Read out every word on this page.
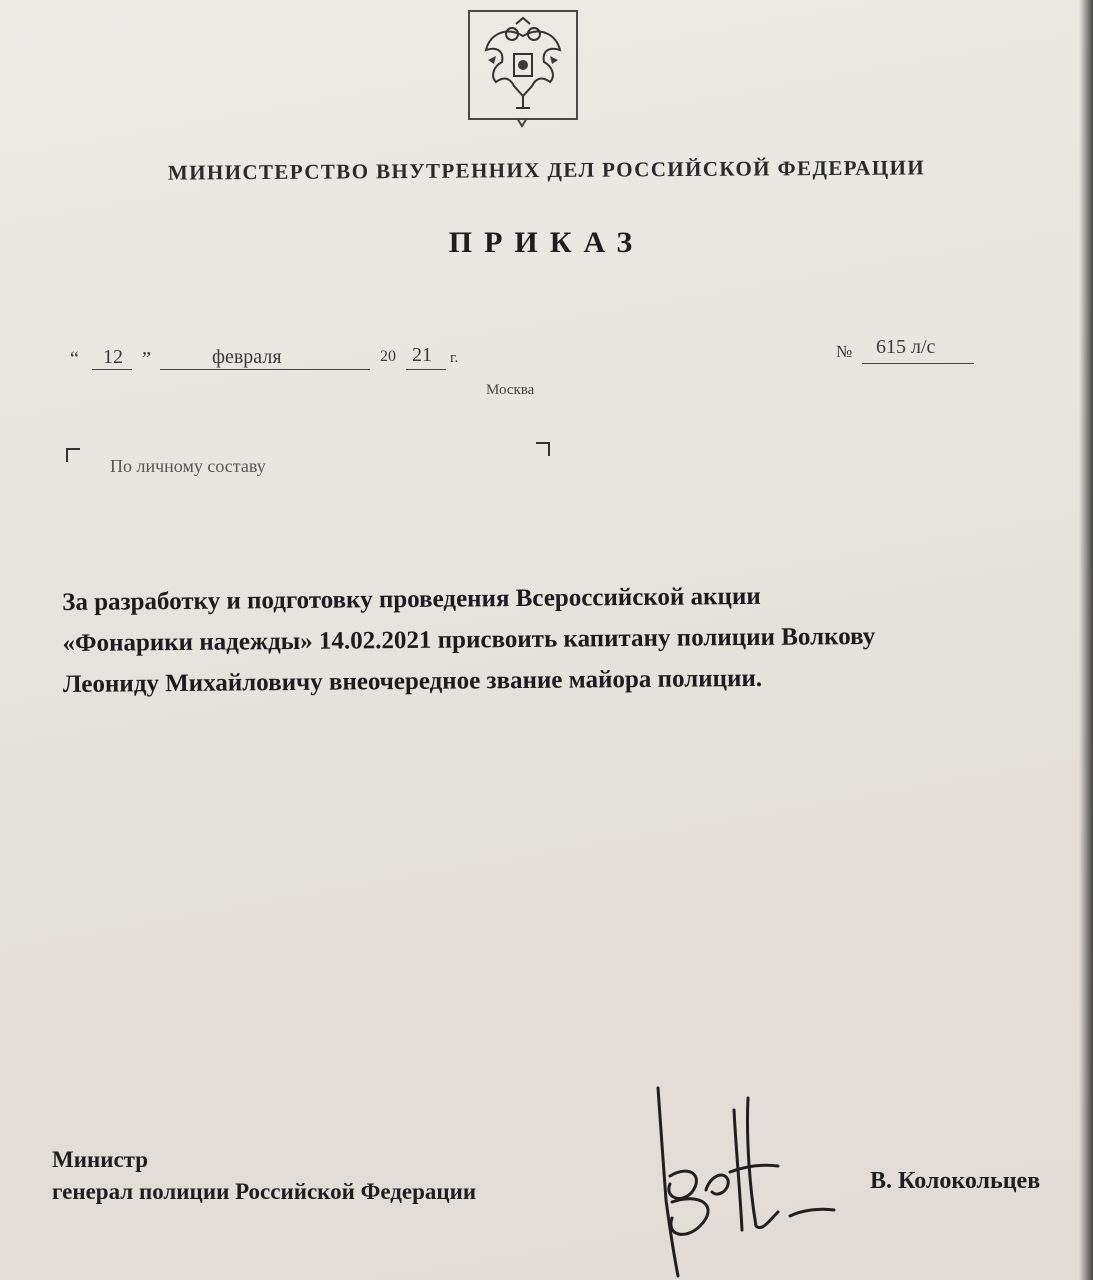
МИНИСТЕРСТВО ВНУТРЕННИХ ДЕЛ РОССИЙСКОЙ ФЕДЕРАЦИИ
ПРИКАЗ
“ 12 ”	февраля	20 21 г.	№ 615 л/с
Москва
По личному составу
За разработку и подготовку проведения Всероссийской акции
«Фонарики надежды» 14.02.2021 присвоить капитану полиции Волкову
Леониду Михайловичу внеочередное звание майора полиции.
Министр
генерал полиции Российской Федерации	В. Колокольцев
